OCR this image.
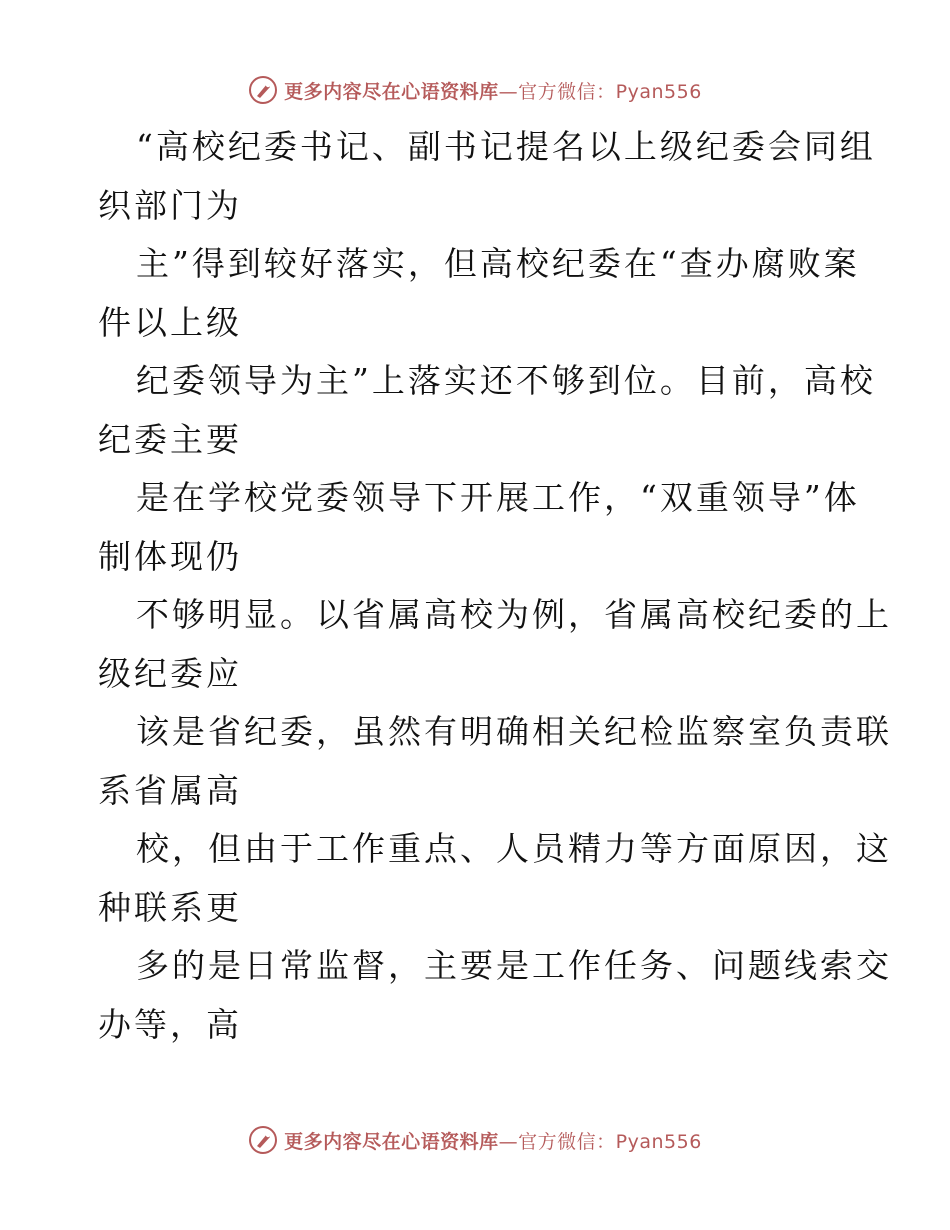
更多内容尽在心语资料库—官方微信：Pyan556
“高校纪委书记、副书记提名以上级纪委会同组
织部门为
主”得到较好落实，但高校纪委在“查办腐败案
件以上级
纪委领导为主”上落实还不够到位。目前，高校
纪委主要
是在学校党委领导下开展工作，“双重领导”体
制体现仍
不够明显。以省属高校为例，省属高校纪委的上
级纪委应
该是省纪委，虽然有明确相关纪检监察室负责联
系省属高
校，但由于工作重点、人员精力等方面原因，这
种联系更
多的是日常监督，主要是工作任务、问题线索交
办等，高
更多内容尽在心语资料库—官方微信：Pyan556
